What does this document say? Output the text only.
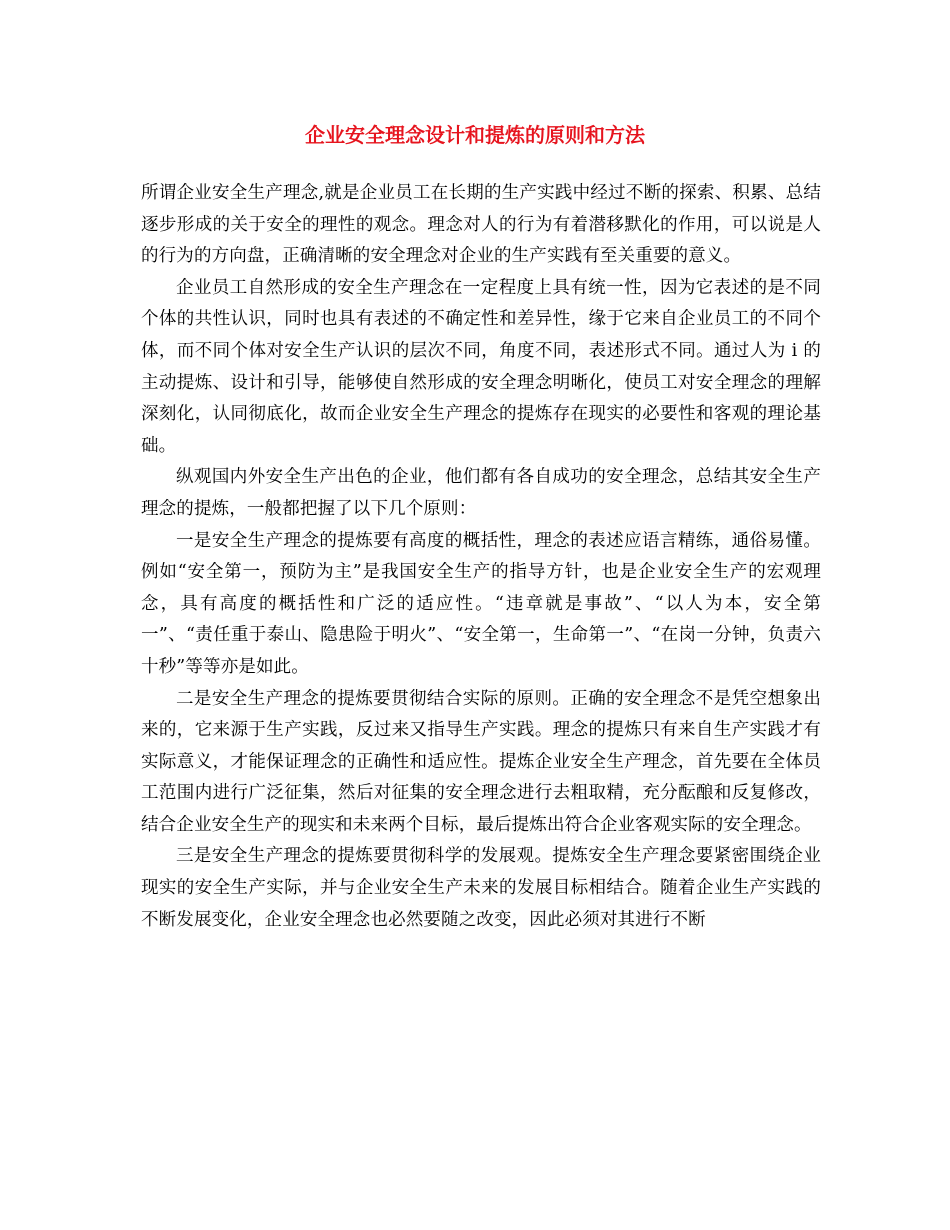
企业安全理念设计和提炼的原则和方法

所谓企业安全生产理念,就是企业员工在长期的生产实践中经过不断的探索、积累、总结逐步形成的关于安全的理性的观念。理念对人的行为有着潜移默化的作用，可以说是人的行为的方向盘，正确清晰的安全理念对企业的生产实践有至关重要的意义。

企业员工自然形成的安全生产理念在一定程度上具有统一性，因为它表述的是不同个体的共性认识，同时也具有表述的不确定性和差异性，缘于它来自企业员工的不同个体，而不同个体对安全生产认识的层次不同，角度不同，表述形式不同。通过人为 i 的主动提炼、设计和引导，能够使自然形成的安全理念明晰化，使员工对安全理念的理解深刻化，认同彻底化，故而企业安全生产理念的提炼存在现实的必要性和客观的理论基础。

纵观国内外安全生产出色的企业，他们都有各自成功的安全理念，总结其安全生产理念的提炼，一般都把握了以下几个原则：

一是安全生产理念的提炼要有高度的概括性，理念的表述应语言精练，通俗易懂。例如“安全第一，预防为主”是我国安全生产的指导方针，也是企业安全生产的宏观理念，具有高度的概括性和广泛的适应性。“违章就是事故”、“以人为本，安全第一”、“责任重于泰山、隐患险于明火”、“安全第一，生命第一”、“在岗一分钟，负责六十秒”等等亦是如此。

二是安全生产理念的提炼要贯彻结合实际的原则。正确的安全理念不是凭空想象出来的，它来源于生产实践，反过来又指导生产实践。理念的提炼只有来自生产实践才有实际意义，才能保证理念的正确性和适应性。提炼企业安全生产理念，首先要在全体员工范围内进行广泛征集，然后对征集的安全理念进行去粗取精，充分酝酿和反复修改，结合企业安全生产的现实和未来两个目标，最后提炼出符合企业客观实际的安全理念。

三是安全生产理念的提炼要贯彻科学的发展观。提炼安全生产理念要紧密围绕企业现实的安全生产实际，并与企业安全生产未来的发展目标相结合。随着企业生产实践的不断发展变化，企业安全理念也必然要随之改变，因此必须对其进行不断
